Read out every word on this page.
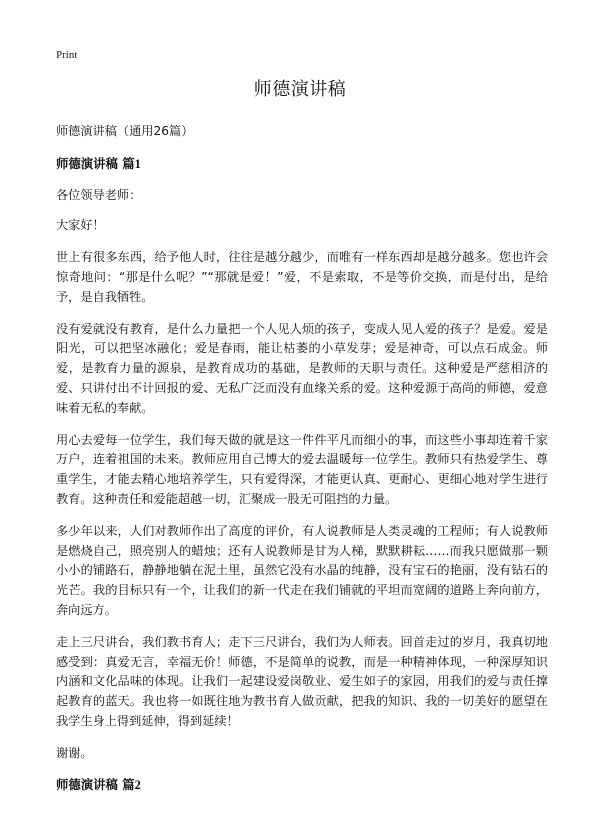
Print
师德演讲稿

师德演讲稿（通用26篇）

师德演讲稿 篇1

各位领导老师：

大家好！

世上有很多东西，给予他人时，往往是越分越少，而唯有一样东西却是越分越多。您也许会惊奇地问：“那是什么呢？”“那就是爱！”爱，不是索取，不是等价交换，而是付出，是给予，是自我牺牲。

没有爱就没有教育，是什么力量把一个人见人烦的孩子，变成人见人爱的孩子？是爱。爱是阳光，可以把坚冰融化；爱是春雨，能让枯萎的小草发芽；爱是神奇，可以点石成金。师爱，是教育力量的源泉，是教育成功的基础，是教师的天职与责任。这种爱是严慈相济的爱、只讲付出不计回报的爱、无私广泛而没有血缘关系的爱。这种爱源于高尚的师德，爱意味着无私的奉献。

用心去爱每一位学生，我们每天做的就是这一件件平凡而细小的事，而这些小事却连着千家万户，连着祖国的未来。教师应用自己博大的爱去温暖每一位学生。教师只有热爱学生、尊重学生，才能去精心地培养学生，只有爱得深，才能更认真、更耐心、更细心地对学生进行教育。这种责任和爱能超越一切，汇聚成一股无可阻挡的力量。

多少年以来，人们对教师作出了高度的评价，有人说教师是人类灵魂的工程师；有人说教师是燃烧自己，照亮别人的蜡烛；还有人说教师是甘为人梯，默默耕耘……而我只愿做那一颗小小的铺路石，静静地躺在泥土里，虽然它没有水晶的纯静，没有宝石的艳丽，没有钻石的光芒。我的目标只有一个，让我们的新一代走在我们铺就的平坦而宽阔的道路上奔向前方，奔向远方。

走上三尺讲台，我们教书育人；走下三尺讲台，我们为人师表。回首走过的岁月，我真切地感受到：真爱无言，幸福无价！师德，不是简单的说教，而是一种精神体现，一种深厚知识内涵和文化品味的体现。让我们一起建设爱岗敬业、爱生如子的家园，用我们的爱与责任撑起教育的蓝天。我也将一如既往地为教书育人做贡献，把我的知识、我的一切美好的愿望在我学生身上得到延伸，得到延续！

谢谢。

师德演讲稿 篇2
